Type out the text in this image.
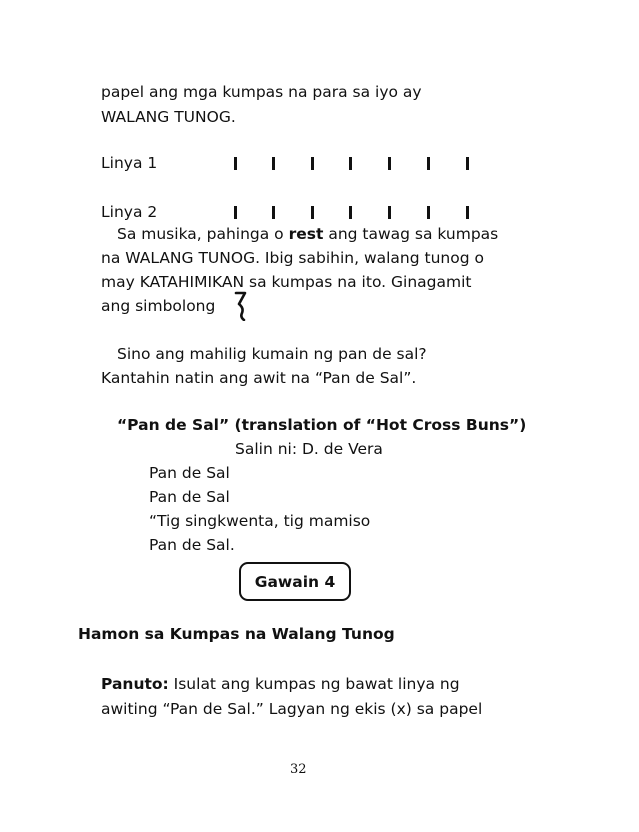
papel ang mga kumpas na para sa iyo ay
WALANG TUNOG.
Linya 1
Linya 2
Sa musika, pahinga o rest ang tawag sa kumpas
na WALANG TUNOG. Ibig sabihin, walang tunog o
may KATAHIMIKAN sa kumpas na ito. Ginagamit
ang simbolong
Sino ang mahilig kumain ng pan de sal?
Kantahin natin ang awit na “Pan de Sal”.
“Pan de Sal” (translation of “Hot Cross Buns”)
Salin ni: D. de Vera
Pan de Sal
Pan de Sal
“Tig singkwenta, tig mamiso
Pan de Sal.
Gawain 4
Hamon sa Kumpas na Walang Tunog
Panuto: Isulat ang kumpas ng bawat linya ng
awiting “Pan de Sal.” Lagyan ng ekis (x) sa papel
32
